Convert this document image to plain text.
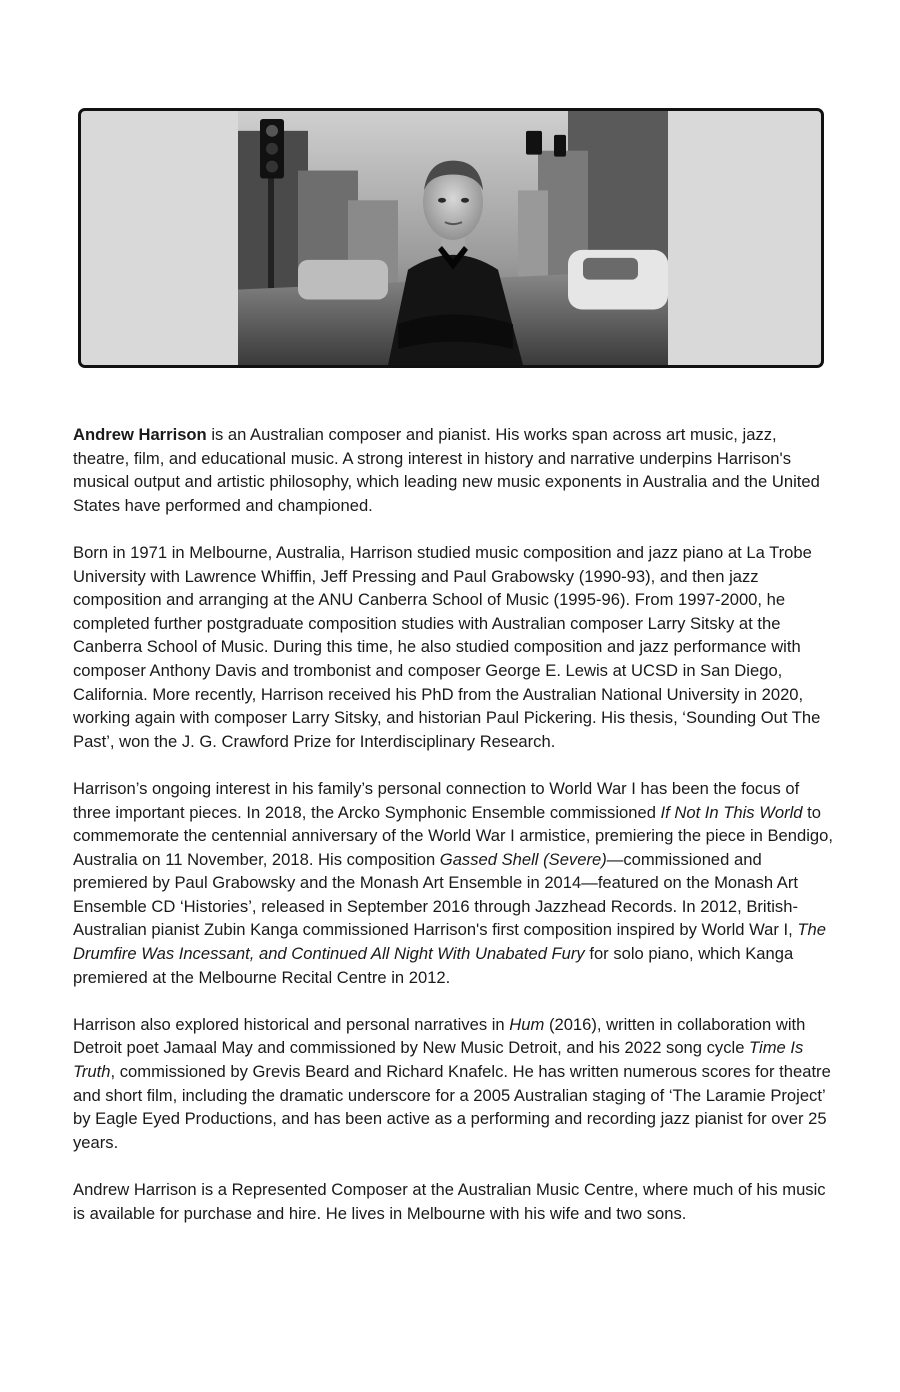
Andrew Harrison is an Australian composer and pianist. His works span across art music, jazz, theatre, film, and educational music. A strong interest in history and narrative underpins Harrison's musical output and artistic philosophy, which leading new music exponents in Australia and the United States have performed and championed.

Born in 1971 in Melbourne, Australia, Harrison studied music composition and jazz piano at La Trobe University with Lawrence Whiffin, Jeff Pressing and Paul Grabowsky (1990-93), and then jazz composition and arranging at the ANU Canberra School of Music (1995-96). From 1997-2000, he completed further postgraduate composition studies with Australian composer Larry Sitsky at the Canberra School of Music. During this time, he also studied composition and jazz performance with composer Anthony Davis and trombonist and composer George E. Lewis at UCSD in San Diego, California. More recently, Harrison received his PhD from the Australian National University in 2020, working again with composer Larry Sitsky, and historian Paul Pickering. His thesis, ‘Sounding Out The Past’, won the J. G. Crawford Prize for Interdisciplinary Research.

Harrison’s ongoing interest in his family’s personal connection to World War I has been the focus of three important pieces. In 2018, the Arcko Symphonic Ensemble commissioned If Not In This World to commemorate the centennial anniversary of the World War I armistice, premiering the piece in Bendigo, Australia on 11 November, 2018. His composition Gassed Shell (Severe)—commissioned and premiered by Paul Grabowsky and the Monash Art Ensemble in 2014—featured on the Monash Art Ensemble CD ‘Histories’, released in September 2016 through Jazzhead Records. In 2012, British-Australian pianist Zubin Kanga commissioned Harrison's first composition inspired by World War I, The Drumfire Was Incessant, and Continued All Night With Unabated Fury for solo piano, which Kanga premiered at the Melbourne Recital Centre in 2012.

Harrison also explored historical and personal narratives in Hum (2016), written in collaboration with Detroit poet Jamaal May and commissioned by New Music Detroit, and his 2022 song cycle Time Is Truth, commissioned by Grevis Beard and Richard Knafelc. He has written numerous scores for theatre and short film, including the dramatic underscore for a 2005 Australian staging of ‘The Laramie Project’ by Eagle Eyed Productions, and has been active as a performing and recording jazz pianist for over 25 years.

Andrew Harrison is a Represented Composer at the Australian Music Centre, where much of his music is available for purchase and hire. He lives in Melbourne with his wife and two sons.
